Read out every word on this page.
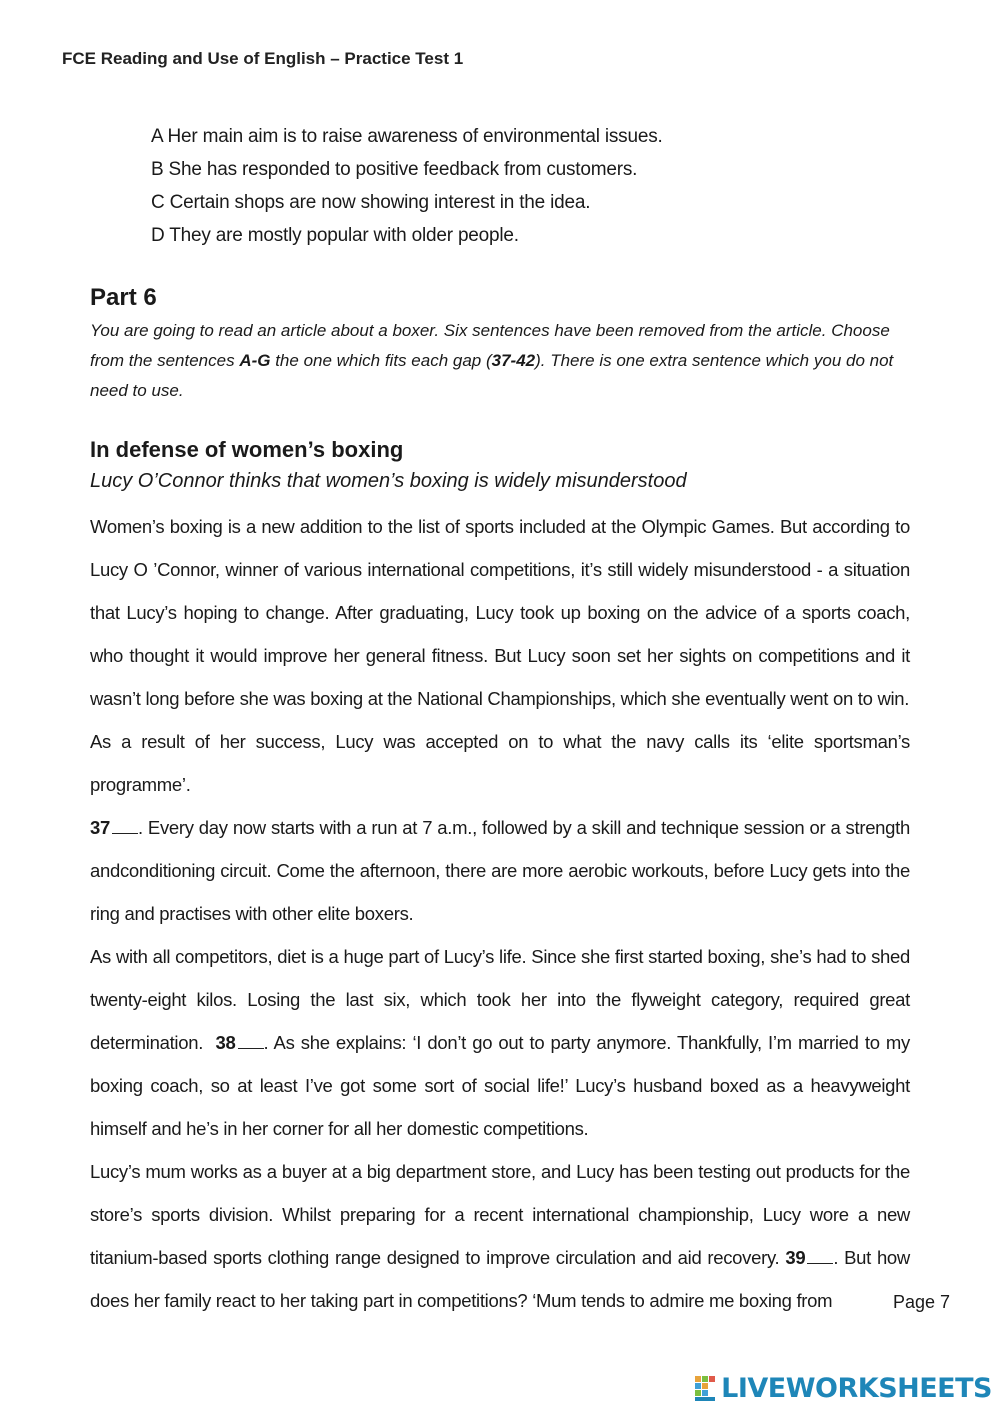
FCE Reading and Use of English – Practice Test 1
A Her main aim is to raise awareness of environmental issues.
B She has responded to positive feedback from customers.
C Certain shops are now showing interest in the idea.
D They are mostly popular with older people.
Part 6
You are going to read an article about a boxer. Six sentences have been removed from the article. Choose from the sentences A-G the one which fits each gap (37-42). There is one extra sentence which you do not need to use.
In defense of women’s boxing
Lucy O’Connor thinks that women’s boxing is widely misunderstood

Women’s boxing is a new addition to the list of sports included at the Olympic Games. But according to Lucy O ’Connor, winner of various international competitions, it’s still widely misunderstood - a situation that Lucy’s hoping to change. After graduating, Lucy took up boxing on the advice of a sports coach, who thought it would improve her general fitness. But Lucy soon set her sights on competitions and it wasn’t long before she was boxing at the National Championships, which she eventually went on to win.

As a result of her success, Lucy was accepted on to what the navy calls its ‘elite sportsman’s programme’.
37 . Every day now starts with a run at 7 a.m., followed by a skill and technique session or a strength andconditioning circuit. Come the afternoon, there are more aerobic workouts, before Lucy gets into the ring and practises with other elite boxers.

As with all competitors, diet is a huge part of Lucy’s life. Since she first started boxing, she’s had to shed twenty-eight kilos. Losing the last six, which took her into the flyweight category, required great determination. 38 . As she explains: ‘I don’t go out to party anymore. Thankfully, I’m married to my boxing coach, so at least I’ve got some sort of social life!’ Lucy’s husband boxed as a heavyweight himself and he’s in her corner for all her domestic competitions.

Lucy’s mum works as a buyer at a big department store, and Lucy has been testing out products for the store’s sports division. Whilst preparing for a recent international championship, Lucy wore a new titanium-based sports clothing range designed to improve circulation and aid recovery. 39 . But how does her family react to her taking part in competitions? ‘Mum tends to admire me boxing from	Page 7
LIVEWORKSHEETS
